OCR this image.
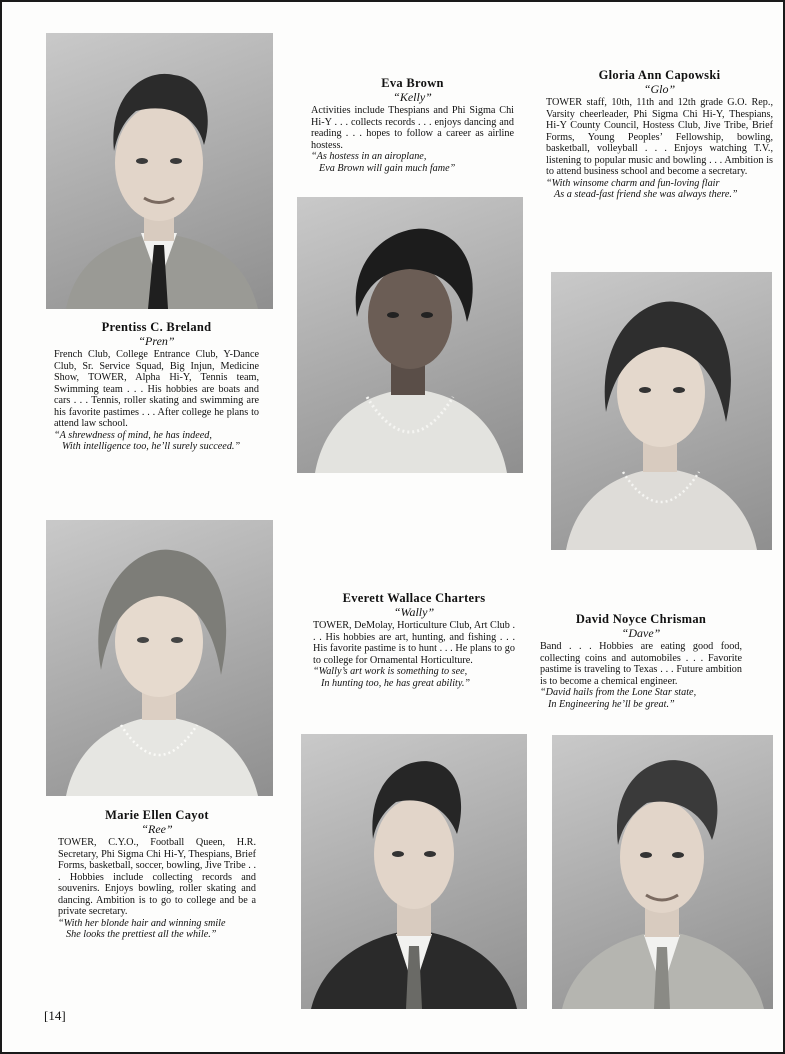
Prentiss C. Breland

“Pren”

French Club, College Entrance Club, Y-Dance Club, Sr. Service Squad, Big Injun, Medicine Show, TOWER, Alpha Hi-Y, Tennis team, Swimming team . . . His hobbies are boats and cars . . . Tennis, roller skating and swimming are his favorite pastimes . . . After college he plans to attend law school.

“A shrewdness of mind, he has indeed,
With intelligence too, he’ll surely succeed.”

Eva Brown

“Kelly”

Activities include Thespians and Phi Sigma Chi Hi-Y . . . collects records . . . enjoys dancing and reading . . . hopes to follow a career as airline hostess.

“As hostess in an airoplane,
Eva Brown will gain much fame”

Gloria Ann Capowski

“Glo”

TOWER staff, 10th, 11th and 12th grade G.O. Rep., Varsity cheerleader, Phi Sigma Chi Hi-Y, Thespians, Hi-Y County Council, Hostess Club, Jive Tribe, Brief Forms, Young Peoples’ Fellowship, bowling, basketball, volleyball . . . Enjoys watching T.V., listening to popular music and bowling . . . Ambition is to attend business school and become a secretary.

“With winsome charm and fun-loving flair
As a stead-fast friend she was always there.”

Marie Ellen Cayot

“Ree”

TOWER, C.Y.O., Football Queen, H.R. Secretary, Phi Sigma Chi Hi-Y, Thespians, Brief Forms, basketball, soccer, bowling, Jive Tribe . . . Hobbies include collecting records and souvenirs. Enjoys bowling, roller skating and dancing. Ambition is to go to college and be a private secretary.

“With her blonde hair and winning smile
She looks the prettiest all the while.”

Everett Wallace Charters

“Wally”

TOWER, DeMolay, Horticulture Club, Art Club . . . His hobbies are art, hunting, and fishing . . . His favorite pastime is to hunt . . . He plans to go to college for Ornamental Horticulture.

“Wally’s art work is something to see,
In hunting too, he has great ability.”

David Noyce Chrisman

“Dave”

Band . . . Hobbies are eating good food, collecting coins and automobiles . . . Favorite pastime is traveling to Texas . . . Future ambition is to become a chemical engineer.

“David hails from the Lone Star state,
In Engineering he’ll be great.”

[14]
